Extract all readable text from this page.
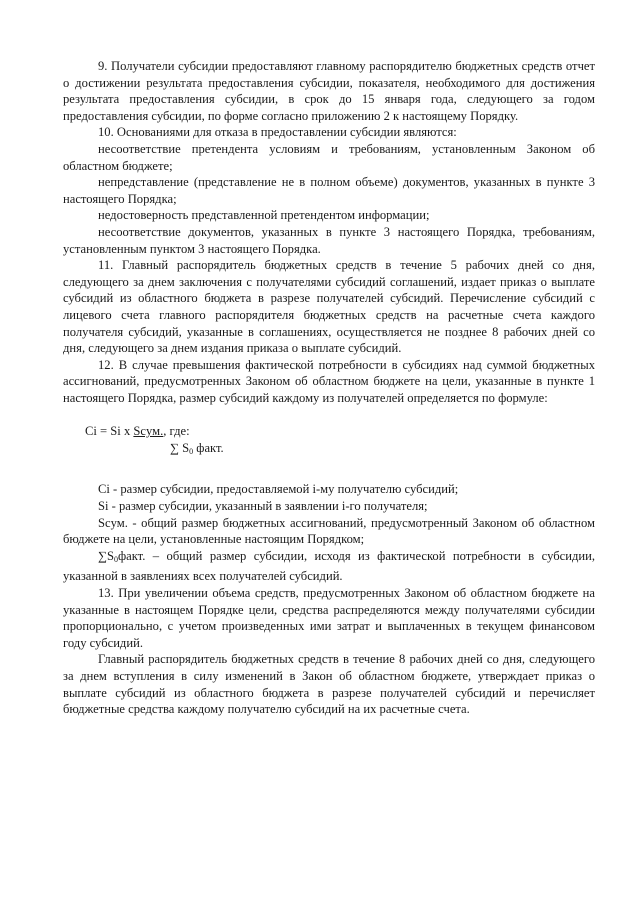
9. Получатели субсидии предоставляют главному распорядителю бюджетных средств отчет о достижении результата предоставления субсидии, показателя, необходимого для достижения результата предоставления субсидии, в срок до 15 января года, следующего за годом предоставления субсидии, по форме согласно приложению 2 к настоящему Порядку.

10. Основаниями для отказа в предоставлении субсидии являются:

несоответствие претендента условиям и требованиям, установленным Законом об областном бюджете;

непредставление (представление не в полном объеме) документов, указанных в пункте 3 настоящего Порядка;

недостоверность представленной претендентом информации;

несоответствие документов, указанных в пункте 3 настоящего Порядка, требованиям, установленным пунктом 3 настоящего Порядка.

11. Главный распорядитель бюджетных средств в течение 5 рабочих дней со дня, следующего за днем заключения с получателями субсидий соглашений, издает приказ о выплате субсидий из областного бюджета в разрезе получателей субсидий. Перечисление субсидий с лицевого счета главного распорядителя бюджетных средств на расчетные счета каждого получателя субсидий, указанные в соглашениях, осуществляется не позднее 8 рабочих дней со дня, следующего за днем издания приказа о выплате субсидий.

12. В случае превышения фактической потребности в субсидиях над суммой бюджетных ассигнований, предусмотренных Законом об областном бюджете на цели, указанные в пункте 1 настоящего Порядка, размер субсидий каждому из получателей определяется по формуле:

Ci = Si х Scум., где:
∑ $S_0$ факт.

Ci - размер субсидии, предоставляемой i-му получателю субсидий;

Si - размер субсидии, указанный в заявлении i-го получателя;

Scум. - общий размер бюджетных ассигнований, предусмотренный Законом об областном бюджете на цели, установленные настоящим Порядком;

$\sum S_0факт$. – общий размер субсидии, исходя из фактической потребности в субсидии, указанной в заявлениях всех получателей субсидий.

13. При увеличении объема средств, предусмотренных Законом об областном бюджете на указанные в настоящем Порядке цели, средства распределяются между получателями субсидии пропорционально, с учетом произведенных ими затрат и выплаченных в текущем финансовом году субсидий.

Главный распорядитель бюджетных средств в течение 8 рабочих дней со дня, следующего за днем вступления в силу изменений в Закон об областном бюджете, утверждает приказ о выплате субсидий из областного бюджета в разрезе получателей субсидий и перечисляет бюджетные средства каждому получателю субсидий на их расчетные счета.
